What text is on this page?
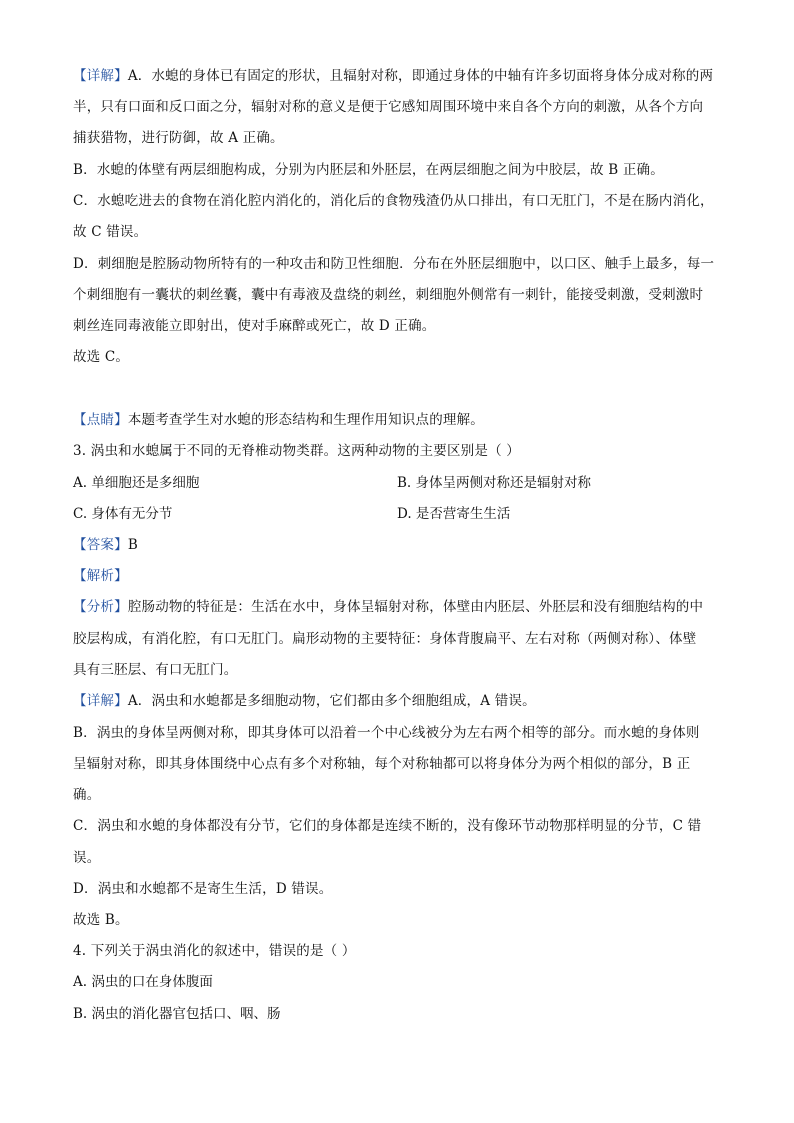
【详解】A．水螅的身体已有固定的形状，且辐射对称，即通过身体的中轴有许多切面将身体分成对称的两
半，只有口面和反口面之分，辐射对称的意义是便于它感知周围环境中来自各个方向的刺激，从各个方向
捕获猎物，进行防御，故 A 正确。
B．水螅的体壁有两层细胞构成，分别为内胚层和外胚层，在两层细胞之间为中胶层，故 B 正确。
C．水螅吃进去的食物在消化腔内消化的，消化后的食物残渣仍从口排出，有口无肛门，不是在肠内消化，
故 C 错误。
D．刺细胞是腔肠动物所特有的一种攻击和防卫性细胞．分布在外胚层细胞中，以口区、触手上最多，每一
个刺细胞有一囊状的刺丝囊，囊中有毒液及盘绕的刺丝，刺细胞外侧常有一刺针，能接受刺激，受刺激时
刺丝连同毒液能立即射出，使对手麻醉或死亡，故 D 正确。
故选 C。
【点睛】本题考查学生对水螅的形态结构和生理作用知识点的理解。
3. 涡虫和水螅属于不同的无脊椎动物类群。这两种动物的主要区别是（ ）
A. 单细胞还是多细胞	B. 身体呈两侧对称还是辐射对称
C. 身体有无分节	D. 是否营寄生生活
【答案】B
【解析】
【分析】腔肠动物的特征是：生活在水中，身体呈辐射对称，体壁由内胚层、外胚层和没有细胞结构的中
胶层构成，有消化腔，有口无肛门。扁形动物的主要特征：身体背腹扁平、左右对称（两侧对称）、体壁
具有三胚层、有口无肛门。
【详解】A．涡虫和水螅都是多细胞动物，它们都由多个细胞组成，A 错误。
B．涡虫的身体呈两侧对称，即其身体可以沿着一个中心线被分为左右两个相等的部分。而水螅的身体则
呈辐射对称，即其身体围绕中心点有多个对称轴，每个对称轴都可以将身体分为两个相似的部分，B 正
确。
C．涡虫和水螅的身体都没有分节，它们的身体都是连续不断的，没有像环节动物那样明显的分节，C 错
误。
D．涡虫和水螅都不是寄生生活，D 错误。
故选 B。
4. 下列关于涡虫消化的叙述中，错误的是（ ）
A. 涡虫的口在身体腹面
B. 涡虫的消化器官包括口、咽、肠
